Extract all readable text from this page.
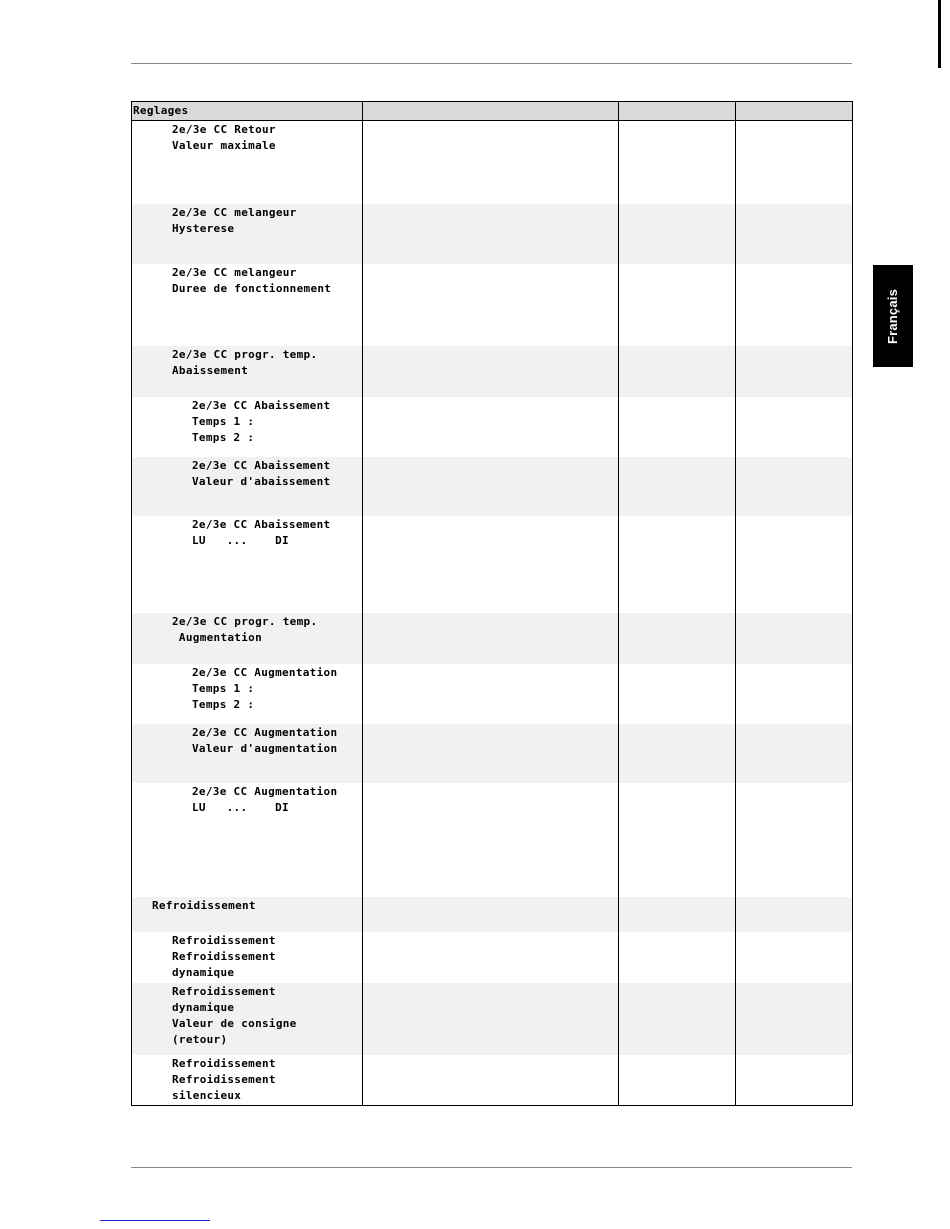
Français
2e/3e CC Retour
Valeur maximale
2e/3e CC melangeur
Hysterese
2e/3e CC melangeur
Duree de fonctionnement
2e/3e CC progr. temp.
Abaissement
2e/3e CC Abaissement
Temps 1 :
Temps 2 :
2e/3e CC Abaissement
Valeur d'abaissement
2e/3e CC Abaissement
LU   ...    DI
2e/3e CC progr. temp.
Augmentation
2e/3e CC Augmentation
Temps 1 :
Temps 2 :
2e/3e CC Augmentation
Valeur d'augmentation
2e/3e CC Augmentation
LU   ...    DI
Refroidissement
Refroidissement
Refroidissement
dynamique
Refroidissement
dynamique
Valeur de consigne
(retour)
Refroidissement
Refroidissement
silencieux
Reglages
